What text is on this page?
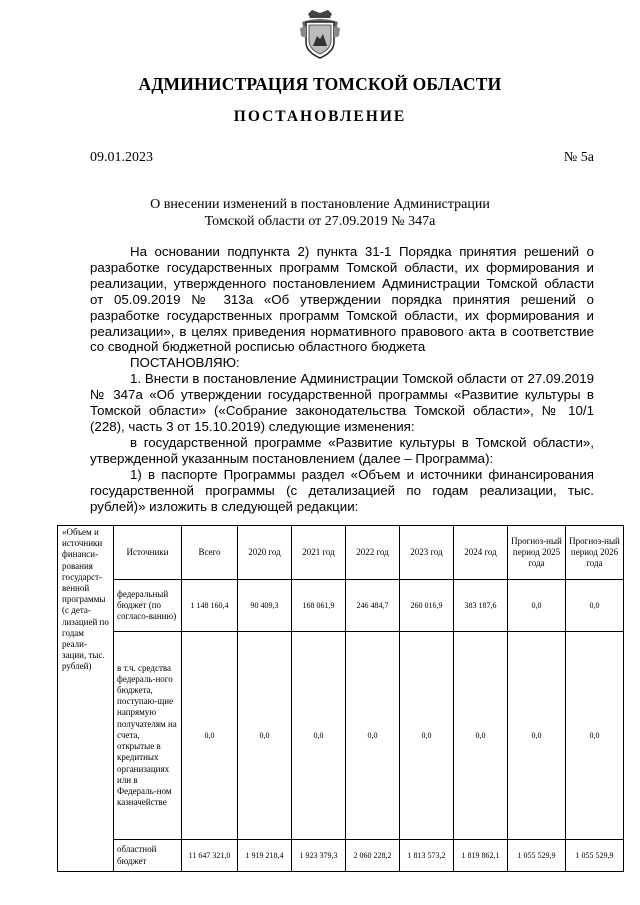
АДМИНИСТРАЦИЯ ТОМСКОЙ ОБЛАСТИ
ПОСТАНОВЛЕНИЕ
09.01.2023	№ 5а
О внесении изменений в постановление Администрации
Томской области от 27.09.2019 № 347а
На основании подпункта 2) пункта 31-1 Порядка принятия решений о разработке государственных программ Томской области, их формирования и реализации, утвержденного постановлением Администрации Томской области от 05.09.2019 № 313а «Об утверждении порядка принятия решений о разработке государственных программ Томской области, их формирования и реализации», в целях приведения нормативного правового акта в соответствие со сводной бюджетной росписью областного бюджета
ПОСТАНОВЛЯЮ:
1. Внести в постановление Администрации Томской области от 27.09.2019 № 347а «Об утверждении государственной программы «Развитие культуры в Томской области» («Собрание законодательства Томской области», № 10/1 (228), часть 3 от 15.10.2019) следующие изменения:
в государственной программе «Развитие культуры в Томской области», утвержденной указанным постановлением (далее – Программа):
1) в паспорте Программы раздел «Объем и источники финансирования государственной программы (с детализацией по годам реализации, тыс. рублей)» изложить в следующей редакции:
«Объем и источники финанси-рования государст-венной программы (с дета-лизацией по годам реали-зации, тыс. рублей)	Источники	Всего	2020 год	2021 год	2022 год	2023 год	2024 год	Прогноз-ный период 2025 года	Прогноз-ный период 2026 года
	федеральный бюджет (по согласо-ванию)	1 148 160,4	90 409,3	168 061,9	246 484,7	260 016,9	383 187,6	0,0	0,0
	в т.ч. средства федераль-ного бюджета, поступаю-щие напрямую получателям на счета, открытые в кредитных организациях или в Федераль-ном казначействе	0,0	0,0	0,0	0,0	0,0	0,0	0,0	0,0
	областной бюджет	11 647 321,0	1 919 218,4	1 923 379,3	2 060 228,2	1 813 573,2	1 819 862,1	1 055 529,9	1 055 529,9
